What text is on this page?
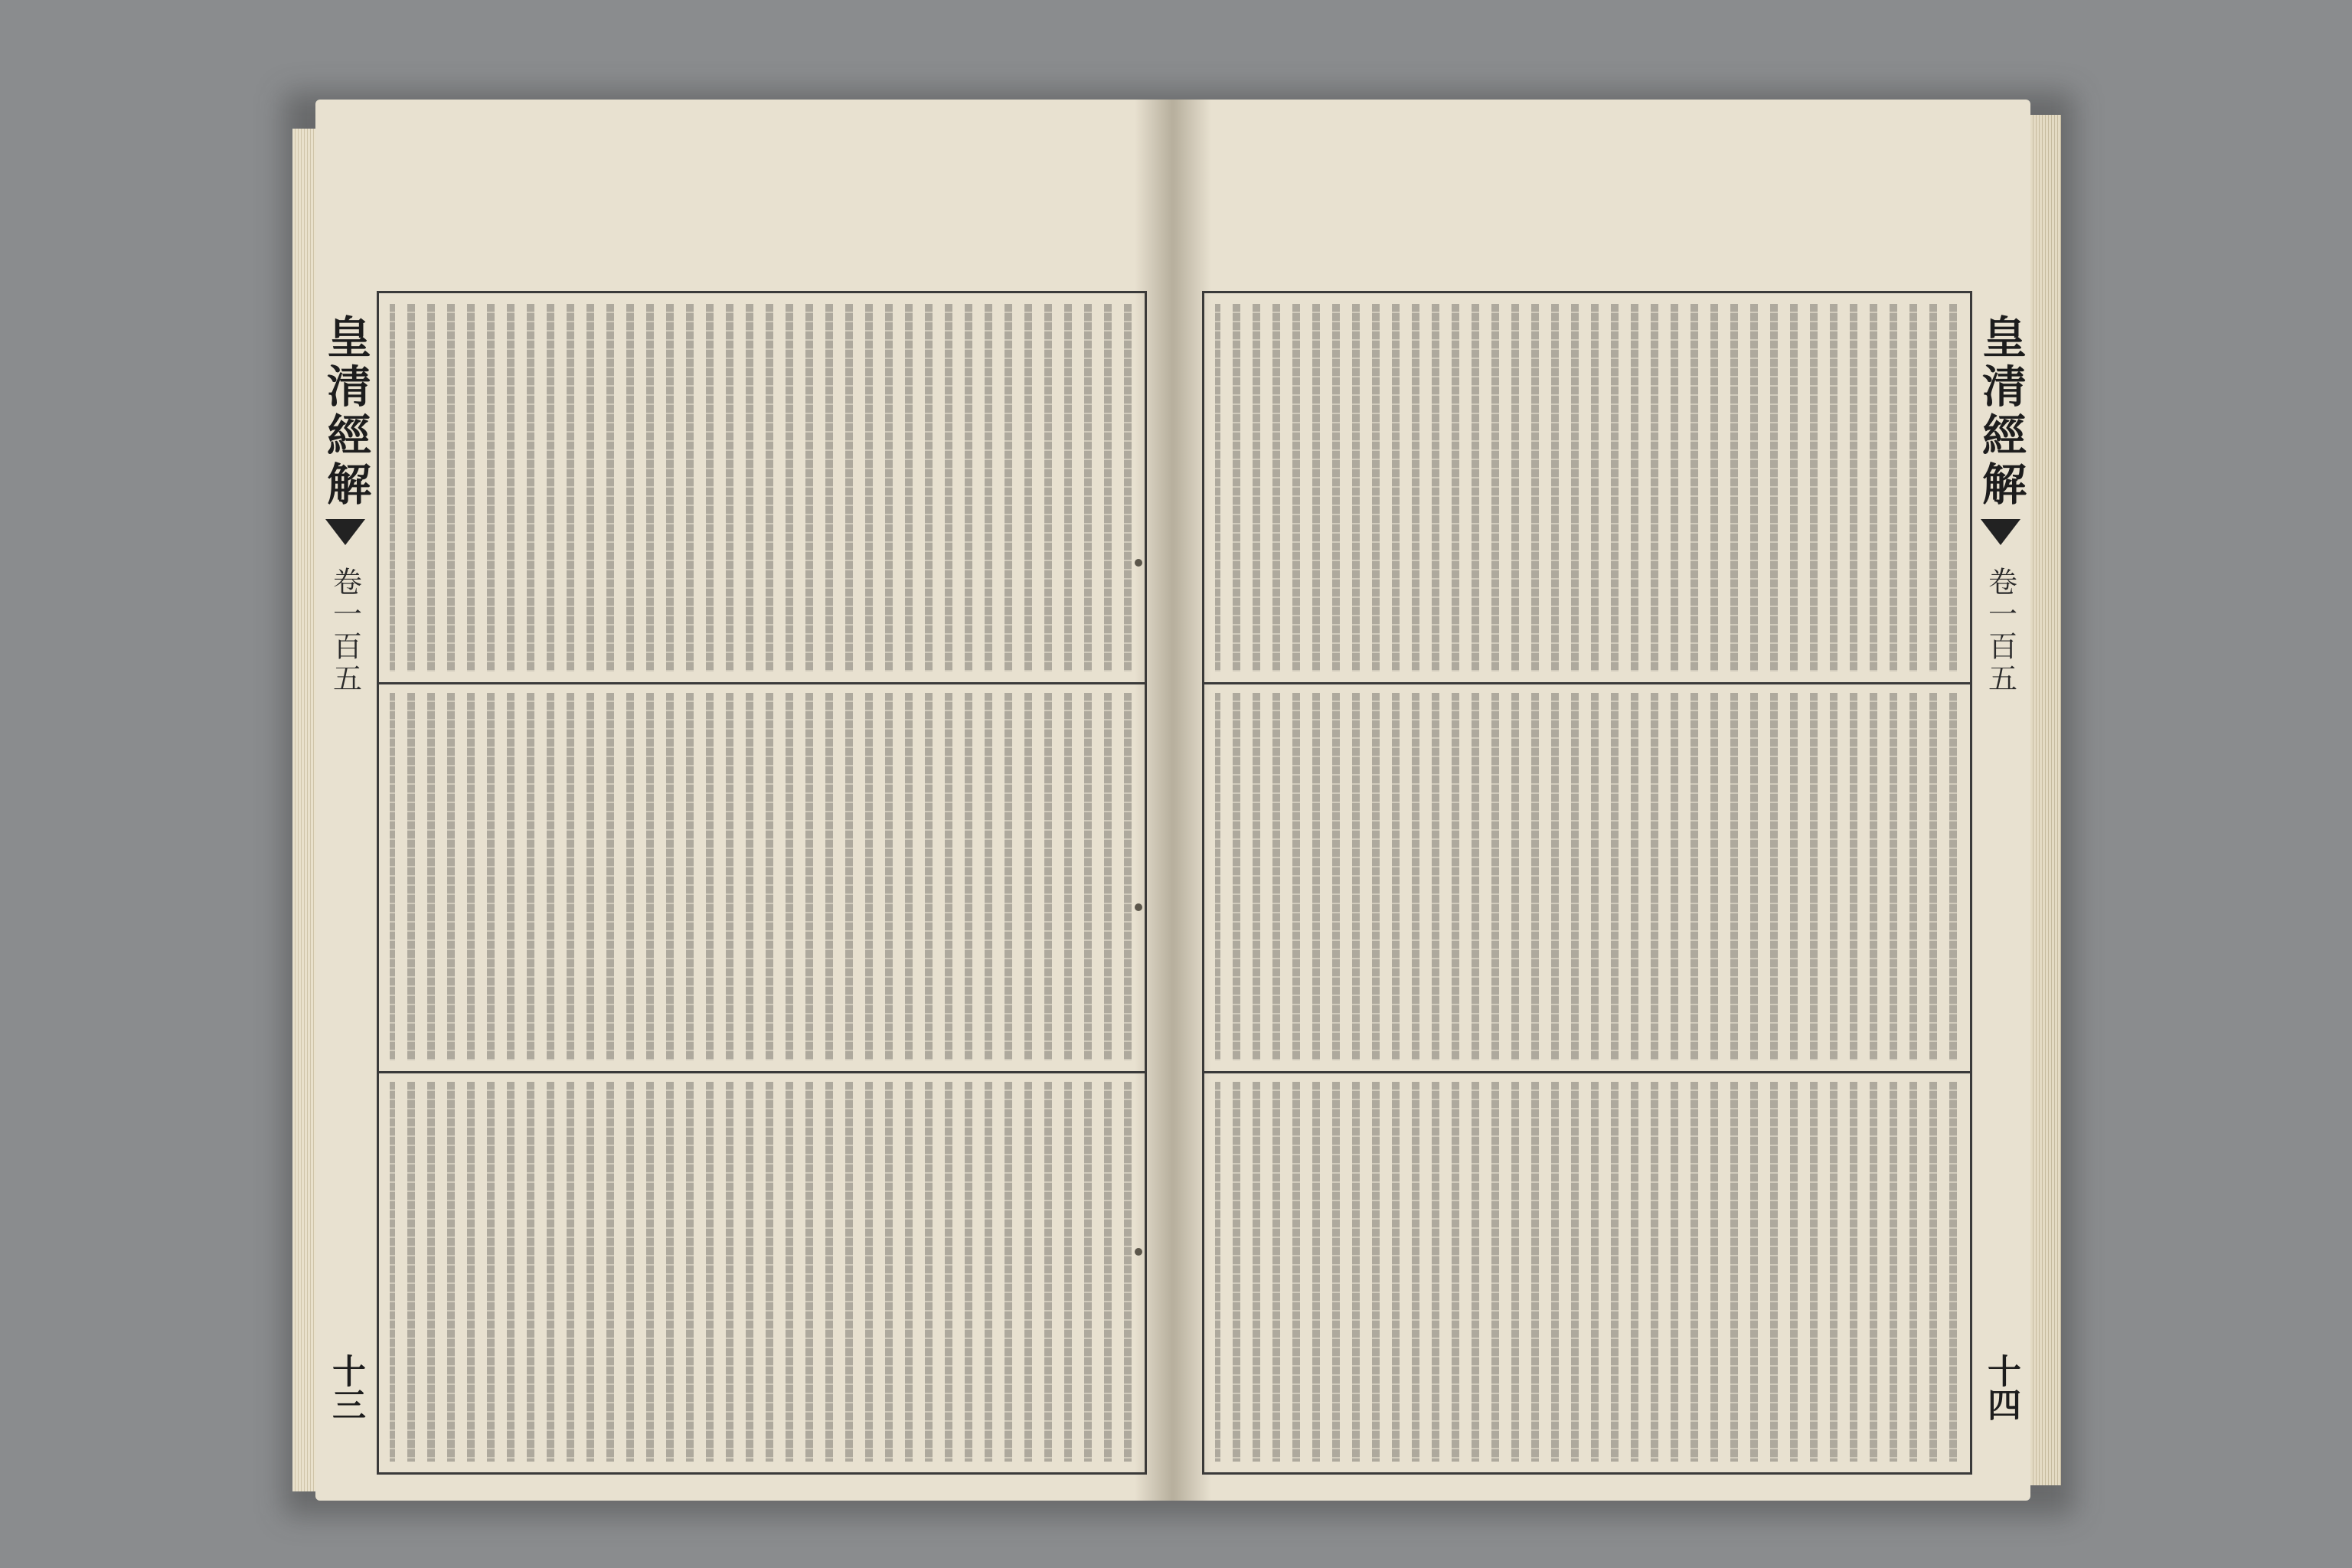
皇清經解
卷一百五
十三
皇清經解
卷一百五
十四
